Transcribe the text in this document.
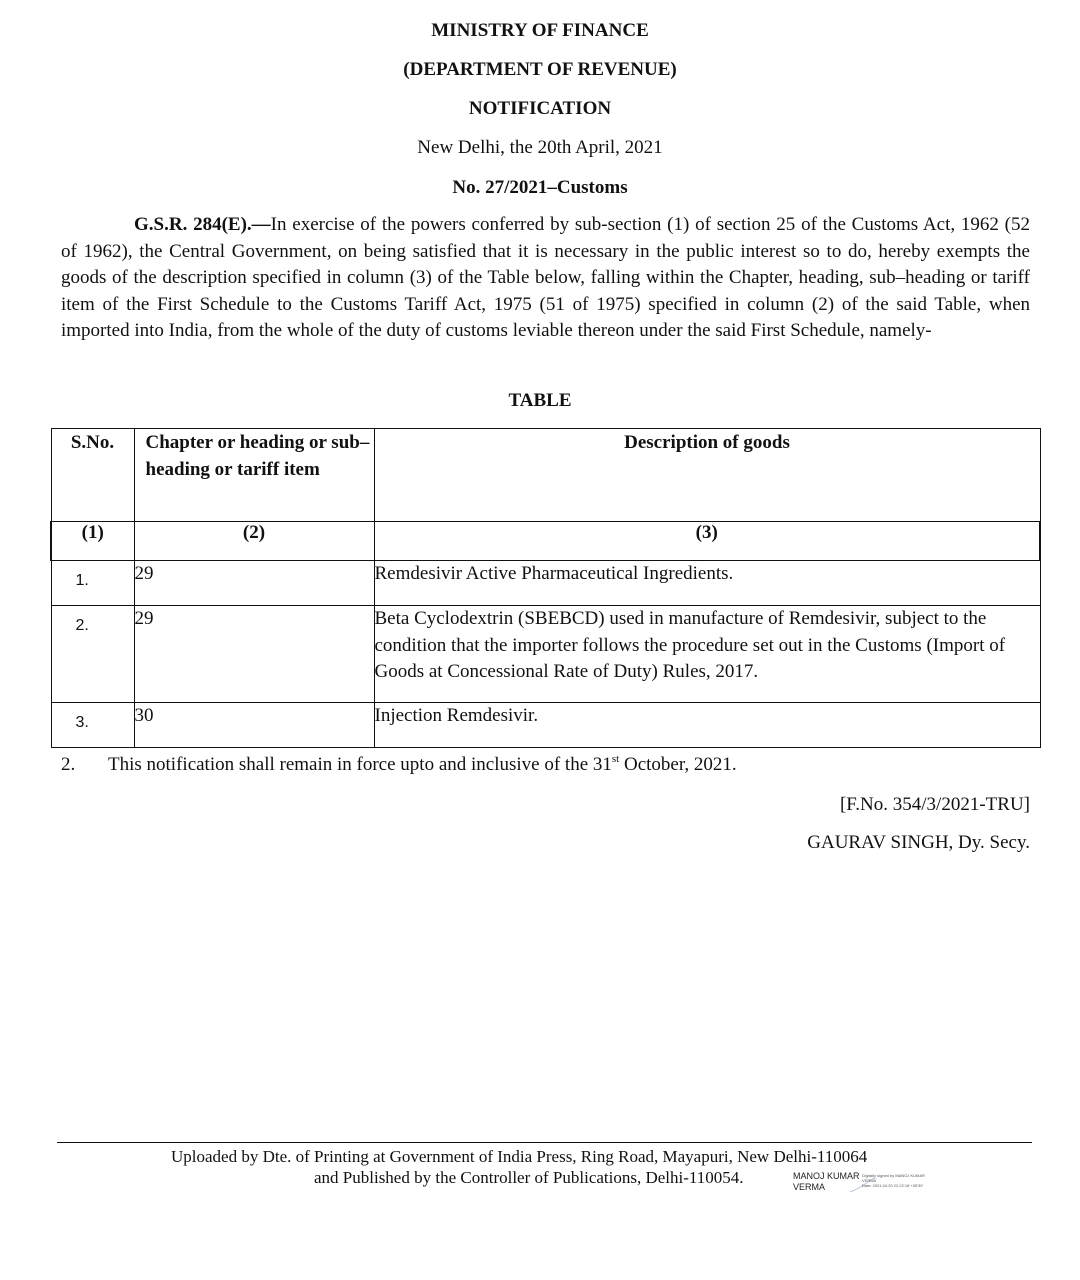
MINISTRY OF FINANCE
(DEPARTMENT OF REVENUE)
NOTIFICATION
New Delhi, the 20th April, 2021
No. 27/2021–Customs
G.S.R. 284(E).—In exercise of the powers conferred by sub-section (1) of section 25 of the Customs Act, 1962 (52 of 1962), the Central Government, on being satisfied that it is necessary in the public interest so to do, hereby exempts the goods of the description specified in column (3) of the Table below, falling within the Chapter, heading, sub–heading or tariff item of the First Schedule to the Customs Tariff Act, 1975 (51 of 1975) specified in column (2) of the said Table, when imported into India, from the whole of the duty of customs leviable thereon under the said First Schedule, namely-
TABLE
S.No.	Chapter or heading or sub–heading or tariff item	Description of goods
(1)	(2)	(3)
1.	29	Remdesivir Active Pharmaceutical Ingredients.
2.	29	Beta Cyclodextrin (SBEBCD) used in manufacture of Remdesivir, subject to the condition that the importer follows the procedure set out in the Customs (Import of Goods at Concessional Rate of Duty) Rules, 2017.
3.	30	Injection Remdesivir.
2. This notification shall remain in force upto and inclusive of the 31st October, 2021.
[F.No. 354/3/2021-TRU]
GAURAV SINGH, Dy. Secy.
Uploaded by Dte. of Printing at Government of India Press, Ring Road, Mayapuri, New Delhi-110064
and Published by the Controller of Publications, Delhi-110054.	MANOJ KUMAR
VERMA
Digitally signed by MANOJ KUMAR VERMA
Date: 2021.04.20 22:22:18 +05'30'
